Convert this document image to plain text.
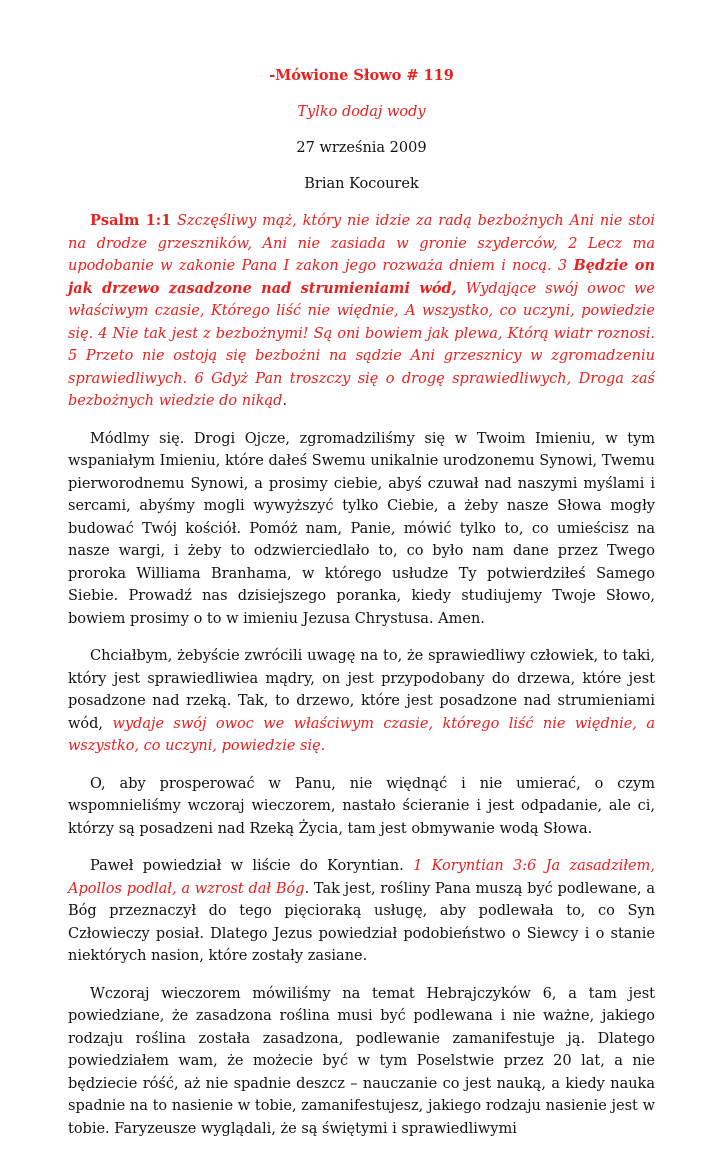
-Mówione Słowo # 119

Tylko dodaj wody

27 września 2009

Brian Kocourek

Psalm 1:1 Szczęśliwy mąż, który nie idzie za radą bezbożnych Ani nie stoi na drodze grzeszników, Ani nie zasiada w gronie szyderców, 2 Lecz ma upodobanie w zakonie Pana I zakon jego rozważa dniem i nocą. 3 Będzie on jak drzewo zasadzone nad strumieniami wód, Wydające swój owoc we właściwym czasie, Którego liść nie więdnie, A wszystko, co uczyni, powiedzie się. 4 Nie tak jest z bezbożnymi! Są oni bowiem jak plewa, Którą wiatr roznosi. 5 Przeto nie ostoją się bezbożni na sądzie Ani grzesznicy w zgromadzeniu sprawiedliwych. 6 Gdyż Pan troszczy się o drogę sprawiedliwych, Droga zaś bezbożnych wiedzie do nikąd.

Módlmy się. Drogi Ojcze, zgromadziliśmy się w Twoim Imieniu, w tym wspaniałym Imieniu, które dałeś Swemu unikalnie urodzonemu Synowi, Twemu pierworodnemu Synowi, a prosimy ciebie, abyś czuwał nad naszymi myślami i sercami, abyśmy mogli wywyższyć tylko Ciebie, a żeby nasze Słowa mogły budować Twój kościół. Pomóż nam, Panie, mówić tylko to, co umieścisz na nasze wargi, i żeby to odzwierciedlało to, co było nam dane przez Twego proroka Williama Branhama, w którego usłudze Ty potwierdziłeś Samego Siebie. Prowadź nas dzisiejszego poranka, kiedy studiujemy Twoje Słowo, bowiem prosimy o to w imieniu Jezusa Chrystusa. Amen.

Chciałbym, żebyście zwrócili uwagę na to, że sprawiedliwy człowiek, to taki, który jest sprawiedliwiea mądry, on jest przypodobany do drzewa, które jest posadzone nad rzeką. Tak, to drzewo, które jest posadzone nad strumieniami wód, wydaje swój owoc we właściwym czasie, którego liść nie więdnie, a wszystko, co uczyni, powiedzie się.

O, aby prosperować w Panu, nie więdnąć i nie umierać, o czym wspomnieliśmy wczoraj wieczorem, nastało ścieranie i jest odpadanie, ale ci, którzy są posadzeni nad Rzeką Życia, tam jest obmywanie wodą Słowa.

Paweł powiedział w liście do Koryntian. 1 Koryntian 3:6 Ja zasadziłem, Apollos podlał, a wzrost dał Bóg. Tak jest, rośliny Pana muszą być podlewane, a Bóg przeznaczył do tego pięcioraką usługę, aby podlewała to, co Syn Człowieczy posiał. Dlatego Jezus powiedział podobieństwo o Siewcy i o stanie niektórych nasion, które zostały zasiane.

Wczoraj wieczorem mówiliśmy na temat Hebrajczyków 6, a tam jest powiedziane, że zasadzona roślina musi być podlewana i nie ważne, jakiego rodzaju roślina została zasadzona, podlewanie zamanifestuje ją. Dlatego powiedziałem wam, że możecie być w tym Poselstwie przez 20 lat, a nie będziecie róść, aż nie spadnie deszcz – nauczanie co jest nauką, a kiedy nauka spadnie na to nasienie w tobie, zamanifestujesz, jakiego rodzaju nasienie jest w tobie. Faryzeusze wyglądali, że są świętymi i sprawiedliwymi
